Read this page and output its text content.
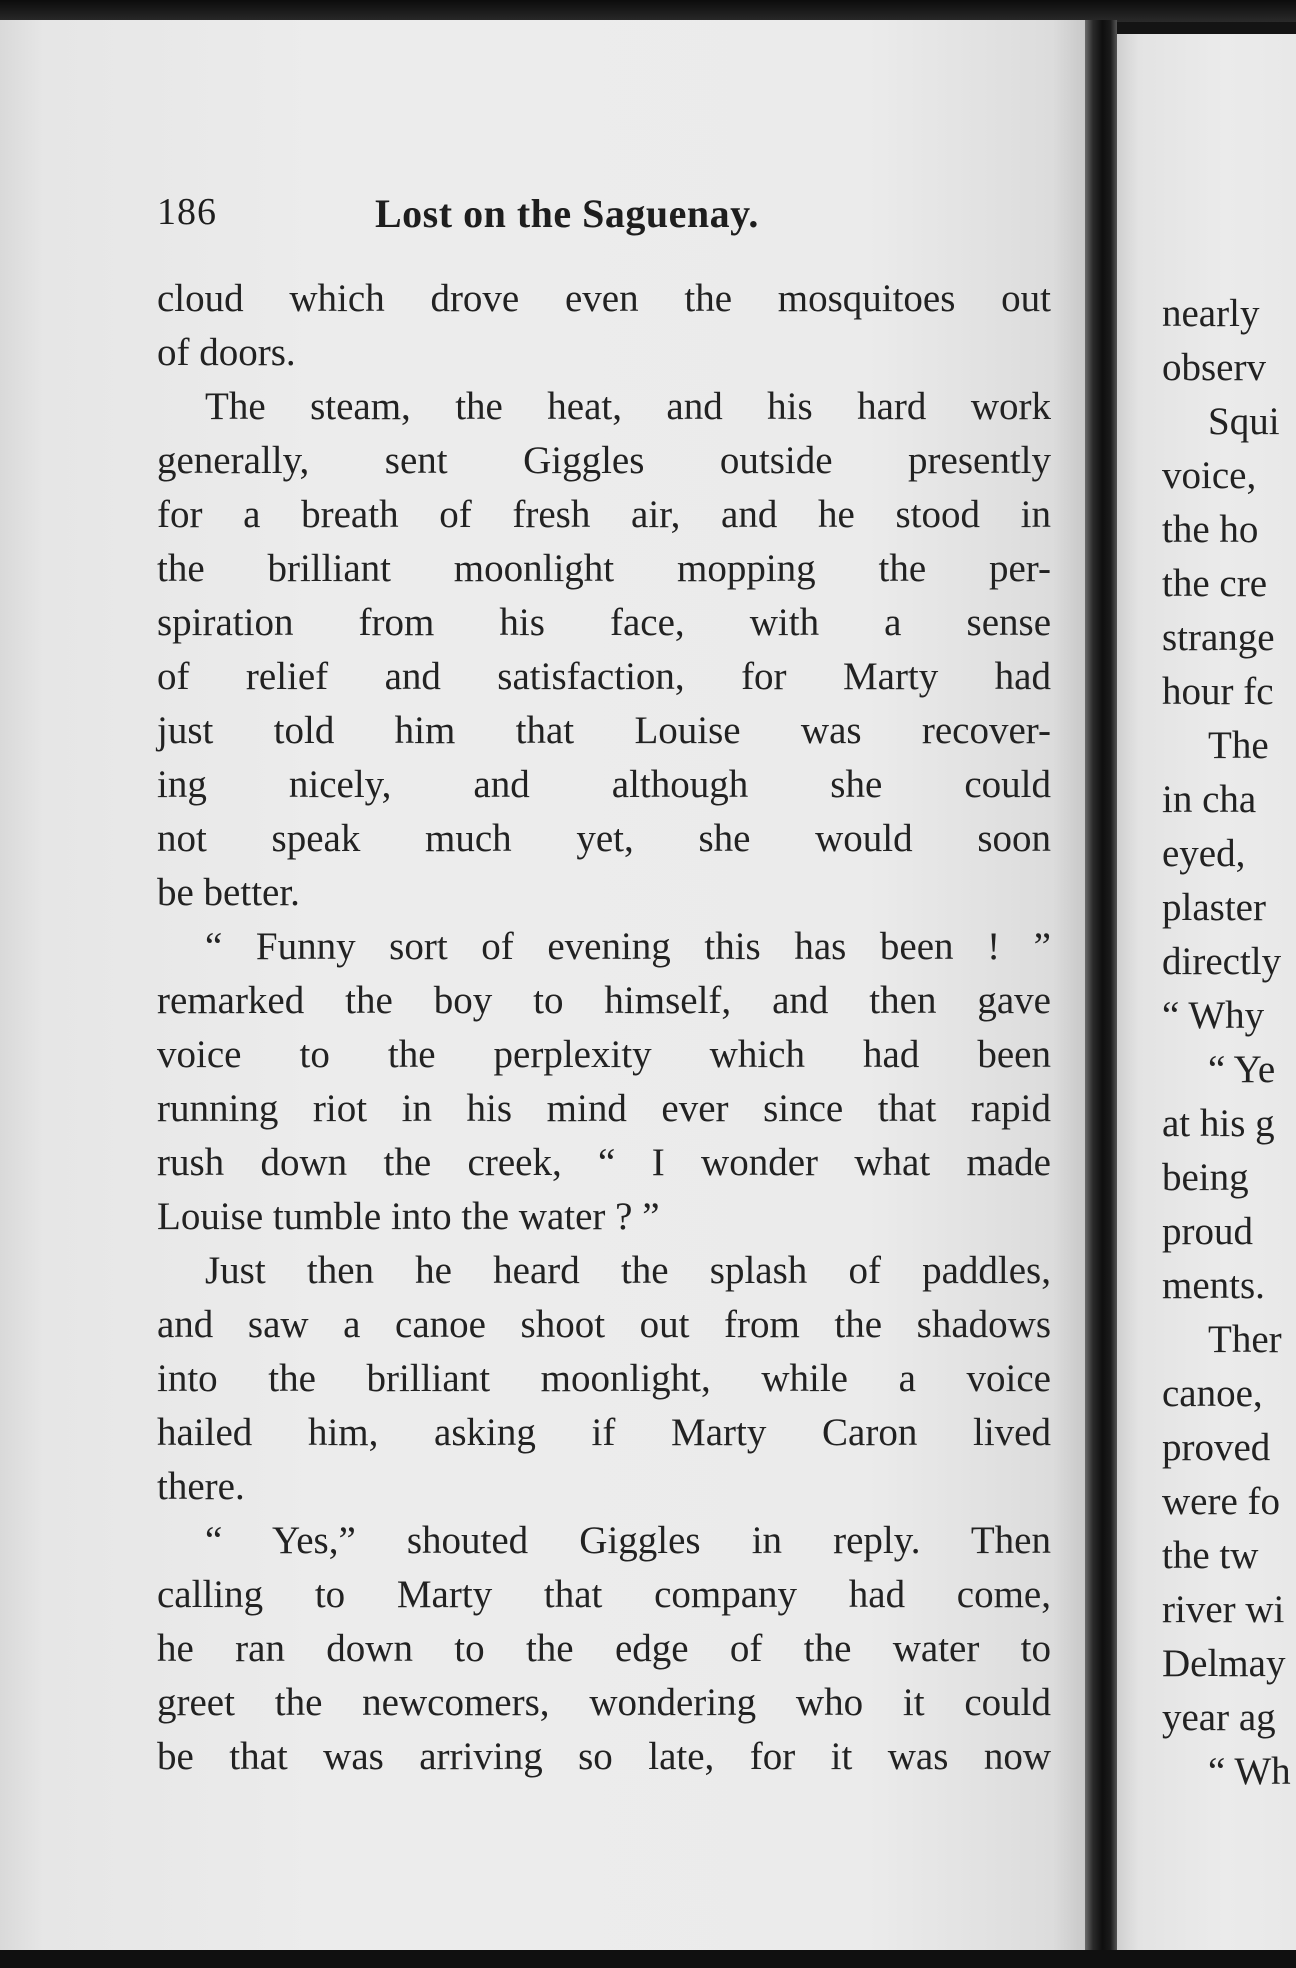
186	Lost on the Saguenay.
cloud which drove even the mosquitoes out
of doors.
The steam, the heat, and his hard work
generally, sent Giggles outside presently
for a breath of fresh air, and he stood in
the brilliant moonlight mopping the per-
spiration from his face, with a sense
of relief and satisfaction, for Marty had
just told him that Louise was recover-
ing nicely, and although she could
not speak much yet, she would soon
be better.
“ Funny sort of evening this has been ! ”
remarked the boy to himself, and then gave
voice to the perplexity which had been
running riot in his mind ever since that rapid
rush down the creek, “ I wonder what made
Louise tumble into the water ? ”
Just then he heard the splash of paddles,
and saw a canoe shoot out from the shadows
into the brilliant moonlight, while a voice
hailed him, asking if Marty Caron lived
there.
“ Yes,” shouted Giggles in reply. Then
calling to Marty that company had come,
he ran down to the edge of the water to
greet the newcomers, wondering who it could
be that was arriving so late, for it was now
nearly
observ
Squi
voice,
the ho
the cre
strange
hour fc
The
in cha
eyed,
plaster
directly
“ Why
“ Ye
at his g
being
proud
ments.
Ther
canoe,
proved
were fo
the tw
river wi
Delmay
year ag
“ Wh
